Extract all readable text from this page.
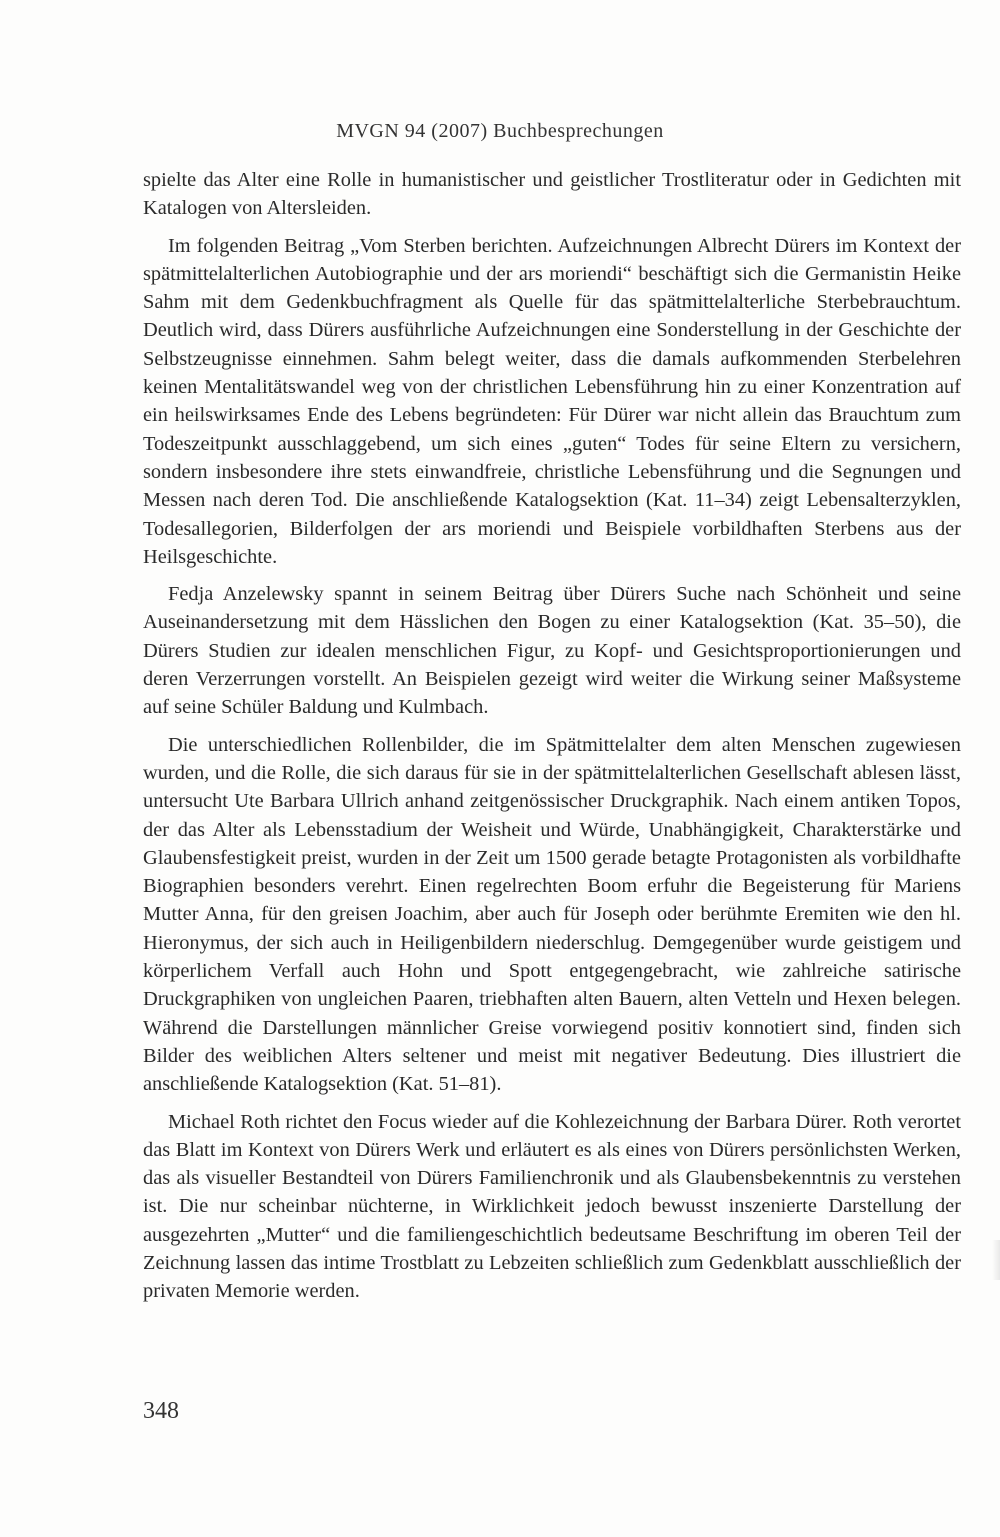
MVGN 94 (2007) Buchbesprechungen

spielte das Alter eine Rolle in humanistischer und geistlicher Trostliteratur oder in Gedichten mit Katalogen von Altersleiden.

Im folgenden Beitrag „Vom Sterben berichten. Aufzeichnungen Albrecht Dürers im Kontext der spätmittelalterlichen Autobiographie und der ars moriendi“ beschäftigt sich die Germanistin Heike Sahm mit dem Gedenkbuchfragment als Quelle für das spätmittelalterliche Sterbebrauchtum. Deutlich wird, dass Dürers ausführliche Aufzeichnungen eine Sonderstellung in der Geschichte der Selbstzeugnisse einnehmen. Sahm belegt weiter, dass die damals aufkommenden Sterbelehren keinen Mentalitätswandel weg von der christlichen Lebensführung hin zu einer Konzentration auf ein heilswirksames Ende des Lebens begründeten: Für Dürer war nicht allein das Brauchtum zum Todeszeitpunkt ausschlaggebend, um sich eines „guten“ Todes für seine Eltern zu versichern, sondern insbesondere ihre stets einwandfreie, christliche Lebensführung und die Segnungen und Messen nach deren Tod. Die anschließende Katalogsektion (Kat. 11–34) zeigt Lebensalterzyklen, Todesallegorien, Bilderfolgen der ars moriendi und Beispiele vorbildhaften Sterbens aus der Heilsgeschichte.

Fedja Anzelewsky spannt in seinem Beitrag über Dürers Suche nach Schönheit und seine Auseinandersetzung mit dem Hässlichen den Bogen zu einer Katalogsektion (Kat. 35–50), die Dürers Studien zur idealen menschlichen Figur, zu Kopf- und Gesichtsproportionierungen und deren Verzerrungen vorstellt. An Beispielen gezeigt wird weiter die Wirkung seiner Maßsysteme auf seine Schüler Baldung und Kulmbach.

Die unterschiedlichen Rollenbilder, die im Spätmittelalter dem alten Menschen zugewiesen wurden, und die Rolle, die sich daraus für sie in der spätmittelalterlichen Gesellschaft ablesen lässt, untersucht Ute Barbara Ullrich anhand zeitgenössischer Druckgraphik. Nach einem antiken Topos, der das Alter als Lebensstadium der Weisheit und Würde, Unabhängigkeit, Charakterstärke und Glaubensfestigkeit preist, wurden in der Zeit um 1500 gerade betagte Protagonisten als vorbildhafte Biographien besonders verehrt. Einen regelrechten Boom erfuhr die Begeisterung für Mariens Mutter Anna, für den greisen Joachim, aber auch für Joseph oder berühmte Eremiten wie den hl. Hieronymus, der sich auch in Heiligenbildern niederschlug. Demgegenüber wurde geistigem und körperlichem Verfall auch Hohn und Spott entgegengebracht, wie zahlreiche satirische Druckgraphiken von ungleichen Paaren, triebhaften alten Bauern, alten Vetteln und Hexen belegen. Während die Darstellungen männlicher Greise vorwiegend positiv konnotiert sind, finden sich Bilder des weiblichen Alters seltener und meist mit negativer Bedeutung. Dies illustriert die anschließende Katalogsektion (Kat. 51–81).

Michael Roth richtet den Focus wieder auf die Kohlezeichnung der Barbara Dürer. Roth verortet das Blatt im Kontext von Dürers Werk und erläutert es als eines von Dürers persönlichsten Werken, das als visueller Bestandteil von Dürers Familienchronik und als Glaubensbekenntnis zu verstehen ist. Die nur scheinbar nüchterne, in Wirklichkeit jedoch bewusst inszenierte Darstellung der ausgezehrten „Mutter“ und die familiengeschichtlich bedeutsame Beschriftung im oberen Teil der Zeichnung lassen das intime Trostblatt zu Lebzeiten schließlich zum Gedenkblatt ausschließlich der privaten Memorie werden.

348
